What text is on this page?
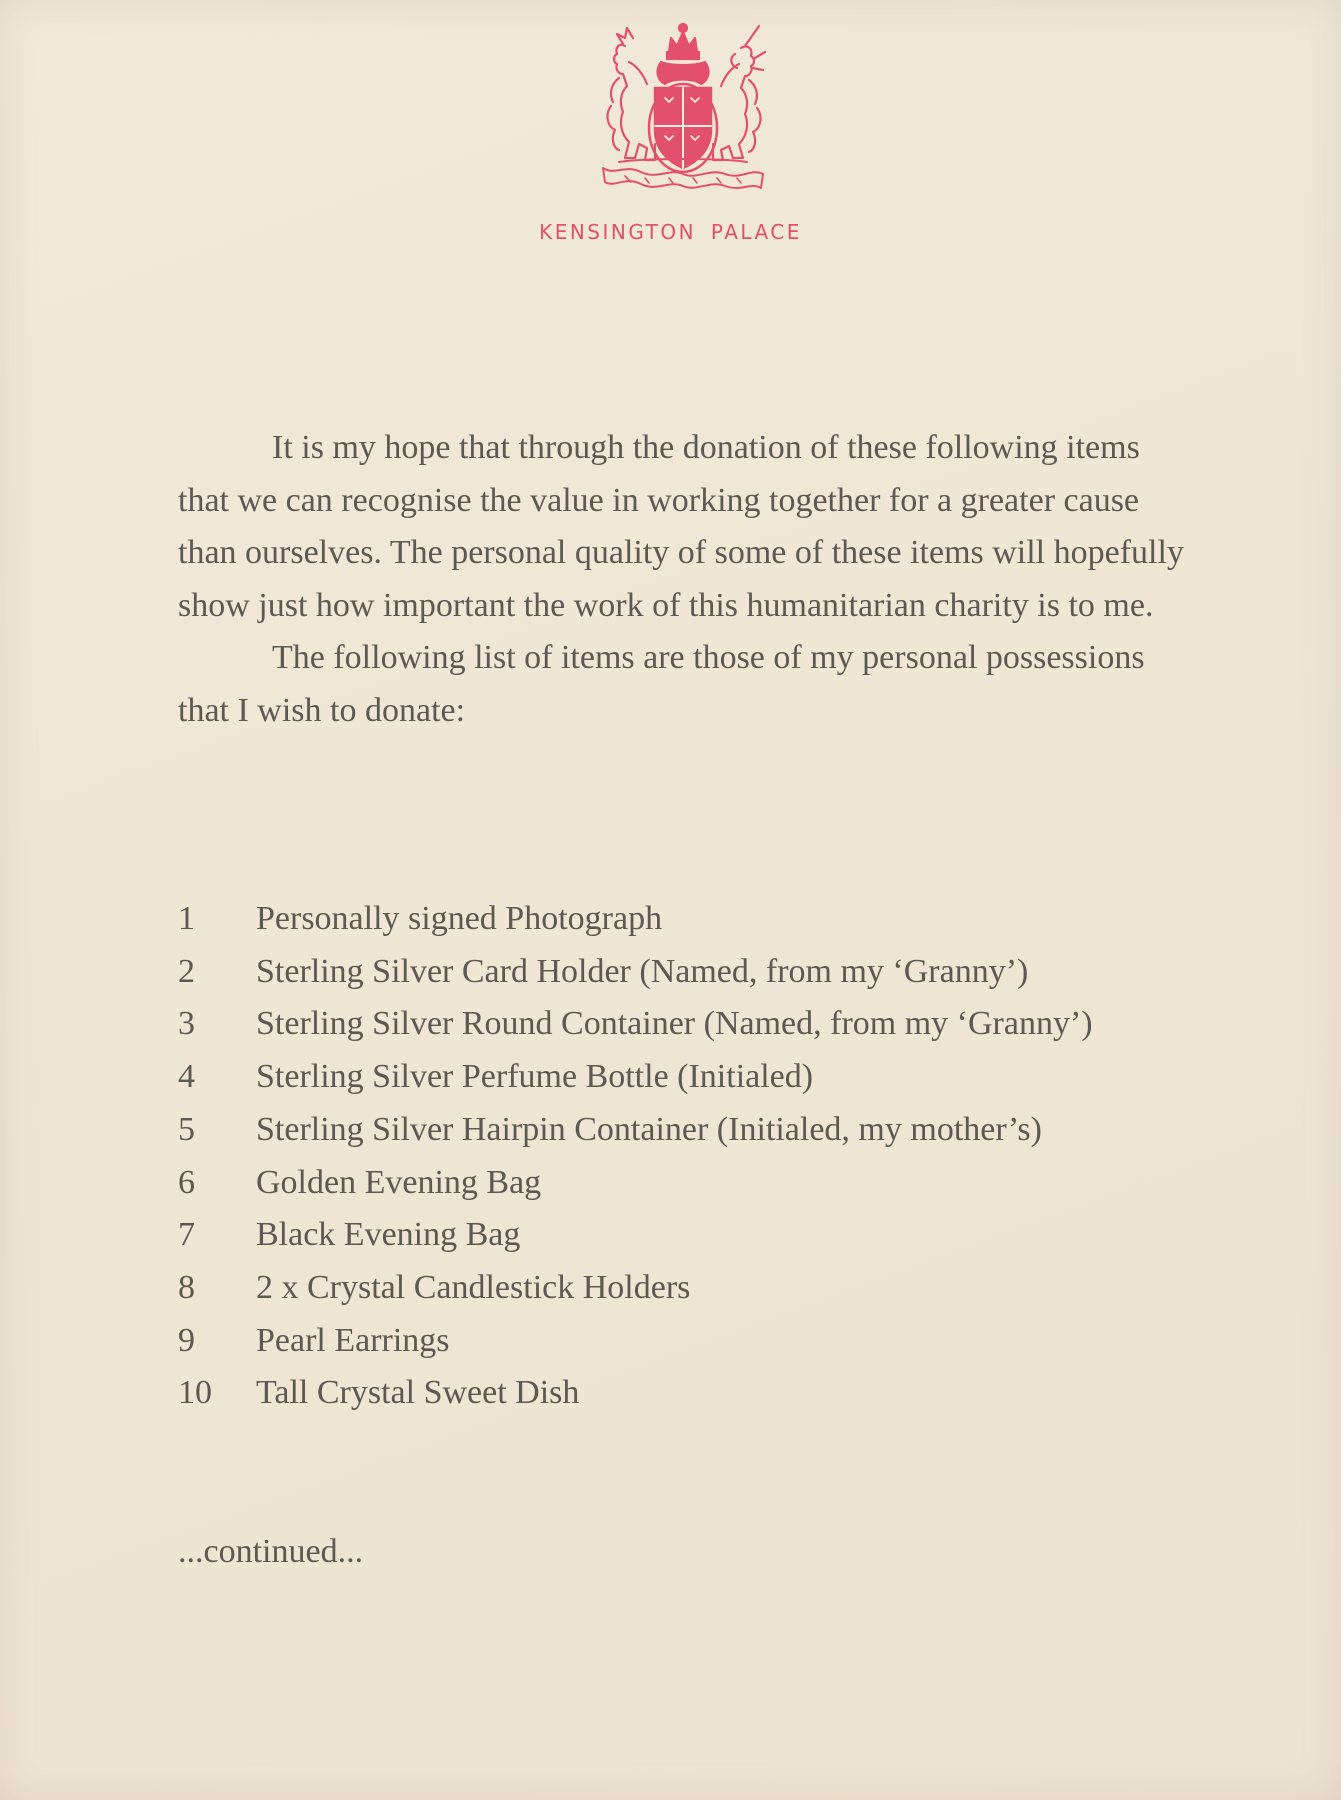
KENSINGTON PALACE

It is my hope that through the donation of these following items that we can recognise the value in working together for a greater cause than ourselves. The personal quality of some of these items will hopefully show just how important the work of this humanitarian charity is to me.

The following list of items are those of my personal possessions that I wish to donate:

1	Personally signed Photograph
2	Sterling Silver Card Holder (Named, from my ‘Granny’)
3	Sterling Silver Round Container (Named, from my ‘Granny’)
4	Sterling Silver Perfume Bottle (Initialed)
5	Sterling Silver Hairpin Container (Initialed, my mother’s)
6	Golden Evening Bag
7	Black Evening Bag
8	2 x Crystal Candlestick Holders
9	Pearl Earrings
10	Tall Crystal Sweet Dish
...continued...
